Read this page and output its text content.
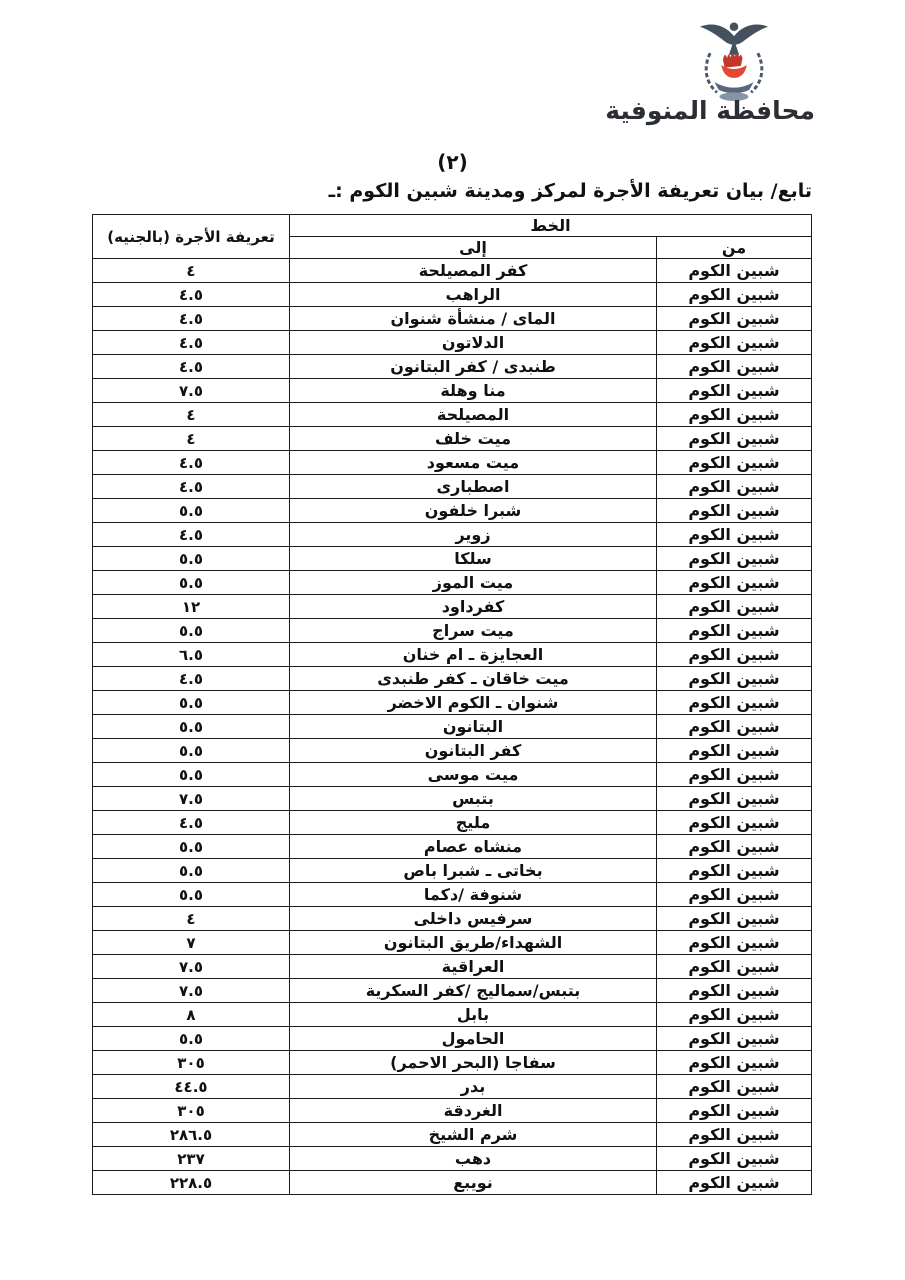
محافظة المنوفية
(٢)
تابع/ بيان تعريفة الأجرة لمركز ومدينة شبين الكوم :ـ
الخط		تعريفة الأجرة (بالجنيه)
من	إلى	
شبين الكوم	كفر المصيلحة	٤
شبين الكوم	الراهب	٤.٥
شبين الكوم	الماى / منشأة شنوان	٤.٥
شبين الكوم	الدلاتون	٤.٥
شبين الكوم	طنبدى / كفر البتانون	٤.٥
شبين الكوم	منا وهلة	٧.٥
شبين الكوم	المصيلحة	٤
شبين الكوم	ميت خلف	٤
شبين الكوم	ميت مسعود	٤.٥
شبين الكوم	اصطبارى	٤.٥
شبين الكوم	شبرا خلفون	٥.٥
شبين الكوم	زوير	٤.٥
شبين الكوم	سلكا	٥.٥
شبين الكوم	ميت الموز	٥.٥
شبين الكوم	كفرداود	١٢
شبين الكوم	ميت سراج	٥.٥
شبين الكوم	العجايزة ـ ام خنان	٦.٥
شبين الكوم	ميت خاقان ـ كفر طنبدى	٤.٥
شبين الكوم	شنوان ـ الكوم الاخضر	٥.٥
شبين الكوم	البتانون	٥.٥
شبين الكوم	كفر البتانون	٥.٥
شبين الكوم	ميت موسى	٥.٥
شبين الكوم	بتبس	٧.٥
شبين الكوم	مليج	٤.٥
شبين الكوم	منشاه عصام	٥.٥
شبين الكوم	بخاتى ـ شبرا باص	٥.٥
شبين الكوم	شنوفة /دكما	٥.٥
شبين الكوم	سرفيس داخلى	٤
شبين الكوم	الشهداء/طريق البتانون	٧
شبين الكوم	العراقية	٧.٥
شبين الكوم	بتبس/سماليج /كفر السكرية	٧.٥
شبين الكوم	بابل	٨
شبين الكوم	الحامول	٥.٥
شبين الكوم	سفاجا (البحر الاحمر)	٣٠٥
شبين الكوم	بدر	٤٤.٥
شبين الكوم	الغردقة	٣٠٥
شبين الكوم	شرم الشيخ	٢٨٦.٥
شبين الكوم	دهب	٢٣٧
شبين الكوم	نويبع	٢٢٨.٥
